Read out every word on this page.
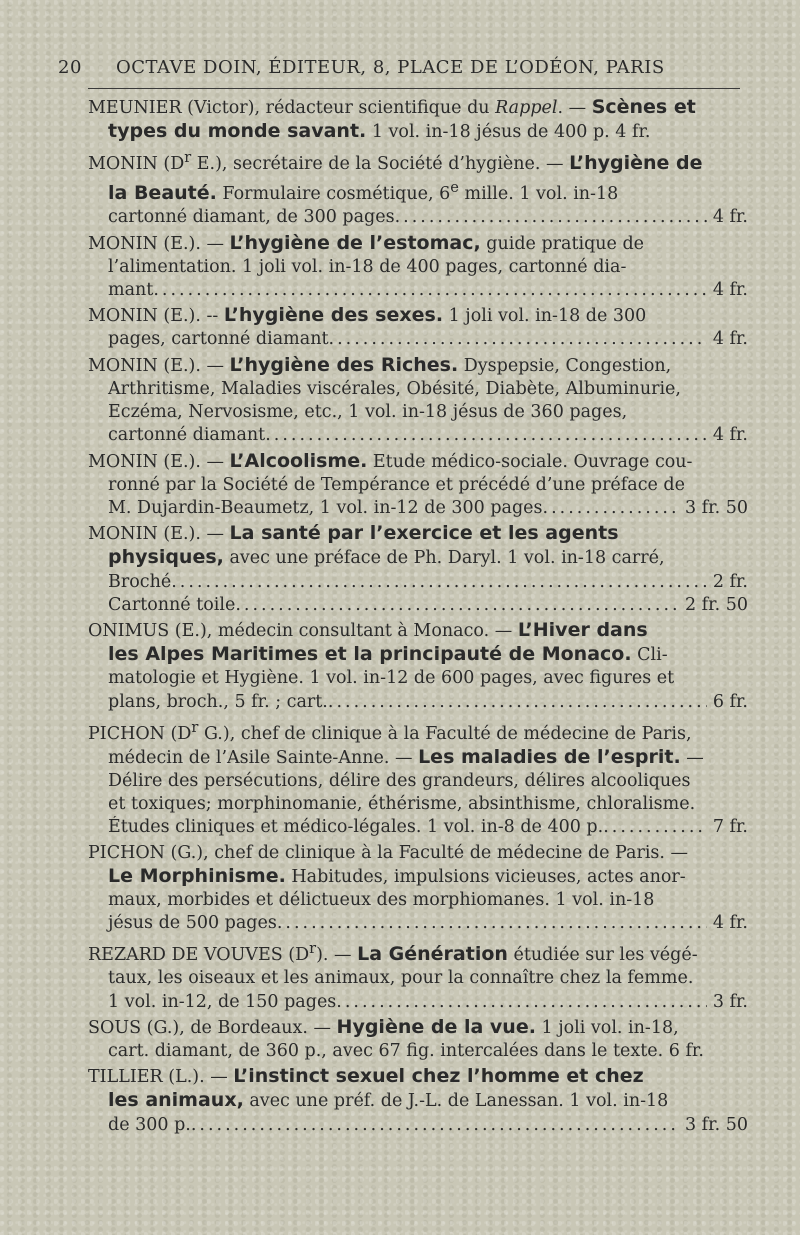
20 OCTAVE DOIN, ÉDITEUR, 8, PLACE DE L’ODÉON, PARIS
MEUNIER (Victor), rédacteur scientifique du Rappel. — Scènes et
types du monde savant. 1 vol. in-18 jésus de 400 p. 4 fr.
MONIN ($D^r$ E.), secrétaire de la Société d’hygiène. — L’hygiène de
la Beauté. Formulaire cosmétique, 6e mille. 1 vol. in-18
cartonné diamant, de 300 pages .....	4 fr.
MONIN (E.). — L’hygiène de l’estomac, guide pratique de
l’alimentation. 1 joli vol. in-18 de 400 pages, cartonné dia-
mant .....	4 fr.
MONIN (E.). -- L’hygiène des sexes. 1 joli vol. in-18 de 300
pages, cartonné diamant .....	4 fr.
MONIN (E.). — L’hygiène des Riches. Dyspepsie, Congestion,
Arthritisme, Maladies viscérales, Obésité, Diabète, Albuminurie,
Eczéma, Nervosisme, etc., 1 vol. in-18 jésus de 360 pages,
cartonné diamant .....	4 fr.
MONIN (E.). — L’Alcoolisme. Etude médico-sociale. Ouvrage cou-
ronné par la Société de Tempérance et précédé d’une préface de
M. Dujardin-Beaumetz, 1 vol. in-12 de 300 pages .....	3 fr. 50
MONIN (E.). — La santé par l’exercice et les agents
physiques, avec une préface de Ph. Daryl. 1 vol. in-18 carré,
Broché .....	2 fr.
Cartonné toile .....	2 fr. 50
ONIMUS (E.), médecin consultant à Monaco. — L’Hiver dans
les Alpes Maritimes et la principauté de Monaco. Cli-
matologie et Hygiène. 1 vol. in-12 de 600 pages, avec figures et
plans, broch., 5 fr. ; cart. .....	6 fr.
PICHON ($D^r$ G.), chef de clinique à la Faculté de médecine de Paris,
médecin de l’Asile Sainte-Anne. — Les maladies de l’esprit. —
Délire des persécutions, délire des grandeurs, délires alcooliques
et toxiques; morphinomanie, éthérisme, absinthisme, chloralisme.
Études cliniques et médico-légales. 1 vol. in-8 de 400 p. .....	7 fr.
PICHON (G.), chef de clinique à la Faculté de médecine de Paris. —
Le Morphinisme. Habitudes, impulsions vicieuses, actes anor-
maux, morbides et délictueux des morphiomanes. 1 vol. in-18
jésus de 500 pages .....	4 fr.
REZARD DE VOUVES $(D^r)$. — La Génération étudiée sur les végé-
taux, les oiseaux et les animaux, pour la connaître chez la femme.
1 vol. in-12, de 150 pages .....	3 fr.
SOUS (G.), de Bordeaux. — Hygiène de la vue. 1 joli vol. in-18,
cart. diamant, de 360 p., avec 67 fig. intercalées dans le texte. 6 fr.
TILLIER (L.). — L’instinct sexuel chez l’homme et chez
les animaux, avec une préf. de J.-L. de Lanessan. 1 vol. in-18
de 300 p. .....	3 fr. 50
